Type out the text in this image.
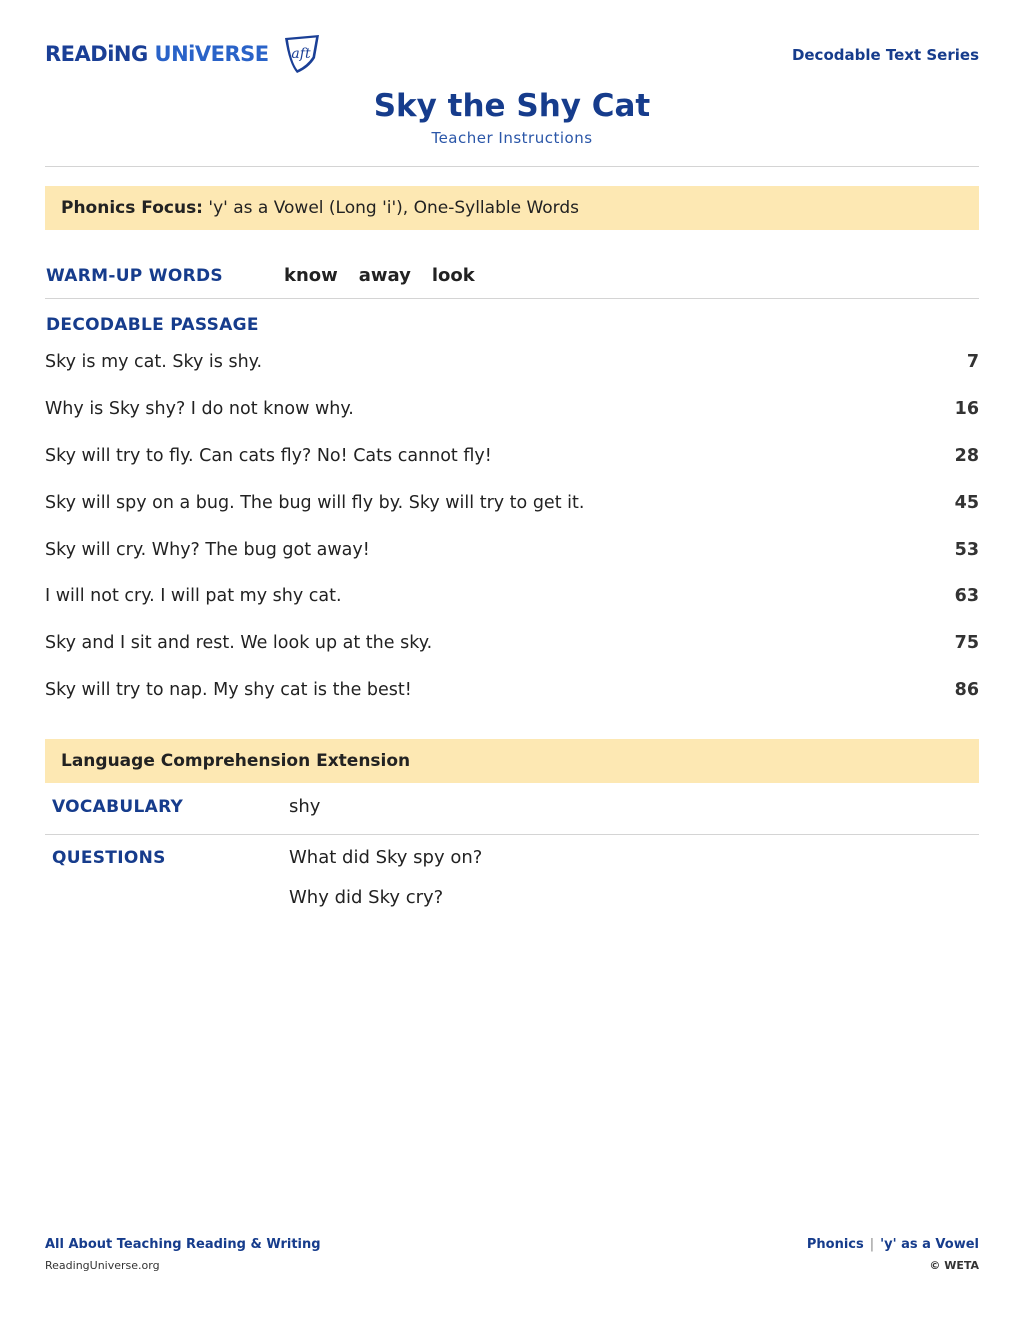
READiNG UNiVERSE aft	Decodable Text Series
Sky the Shy Cat
Teacher Instructions
Phonics Focus: 'y' as a Vowel (Long 'i'), One-Syllable Words
WARM-UP WORDS	know away look
DECODABLE PASSAGE
Sky is my cat. Sky is shy.	7
Why is Sky shy? I do not know why.	16
Sky will try to fly. Can cats fly? No! Cats cannot fly!	28
Sky will spy on a bug. The bug will fly by. Sky will try to get it.	45
Sky will cry. Why? The bug got away!	53
I will not cry. I will pat my shy cat.	63
Sky and I sit and rest. We look up at the sky.	75
Sky will try to nap. My shy cat is the best!	86
Language Comprehension Extension
VOCABULARY	shy
QUESTIONS	What did Sky spy on?
Why did Sky cry?
All About Teaching Reading & Writing
ReadingUniverse.org
Phonics | 'y' as a Vowel
© WETA
